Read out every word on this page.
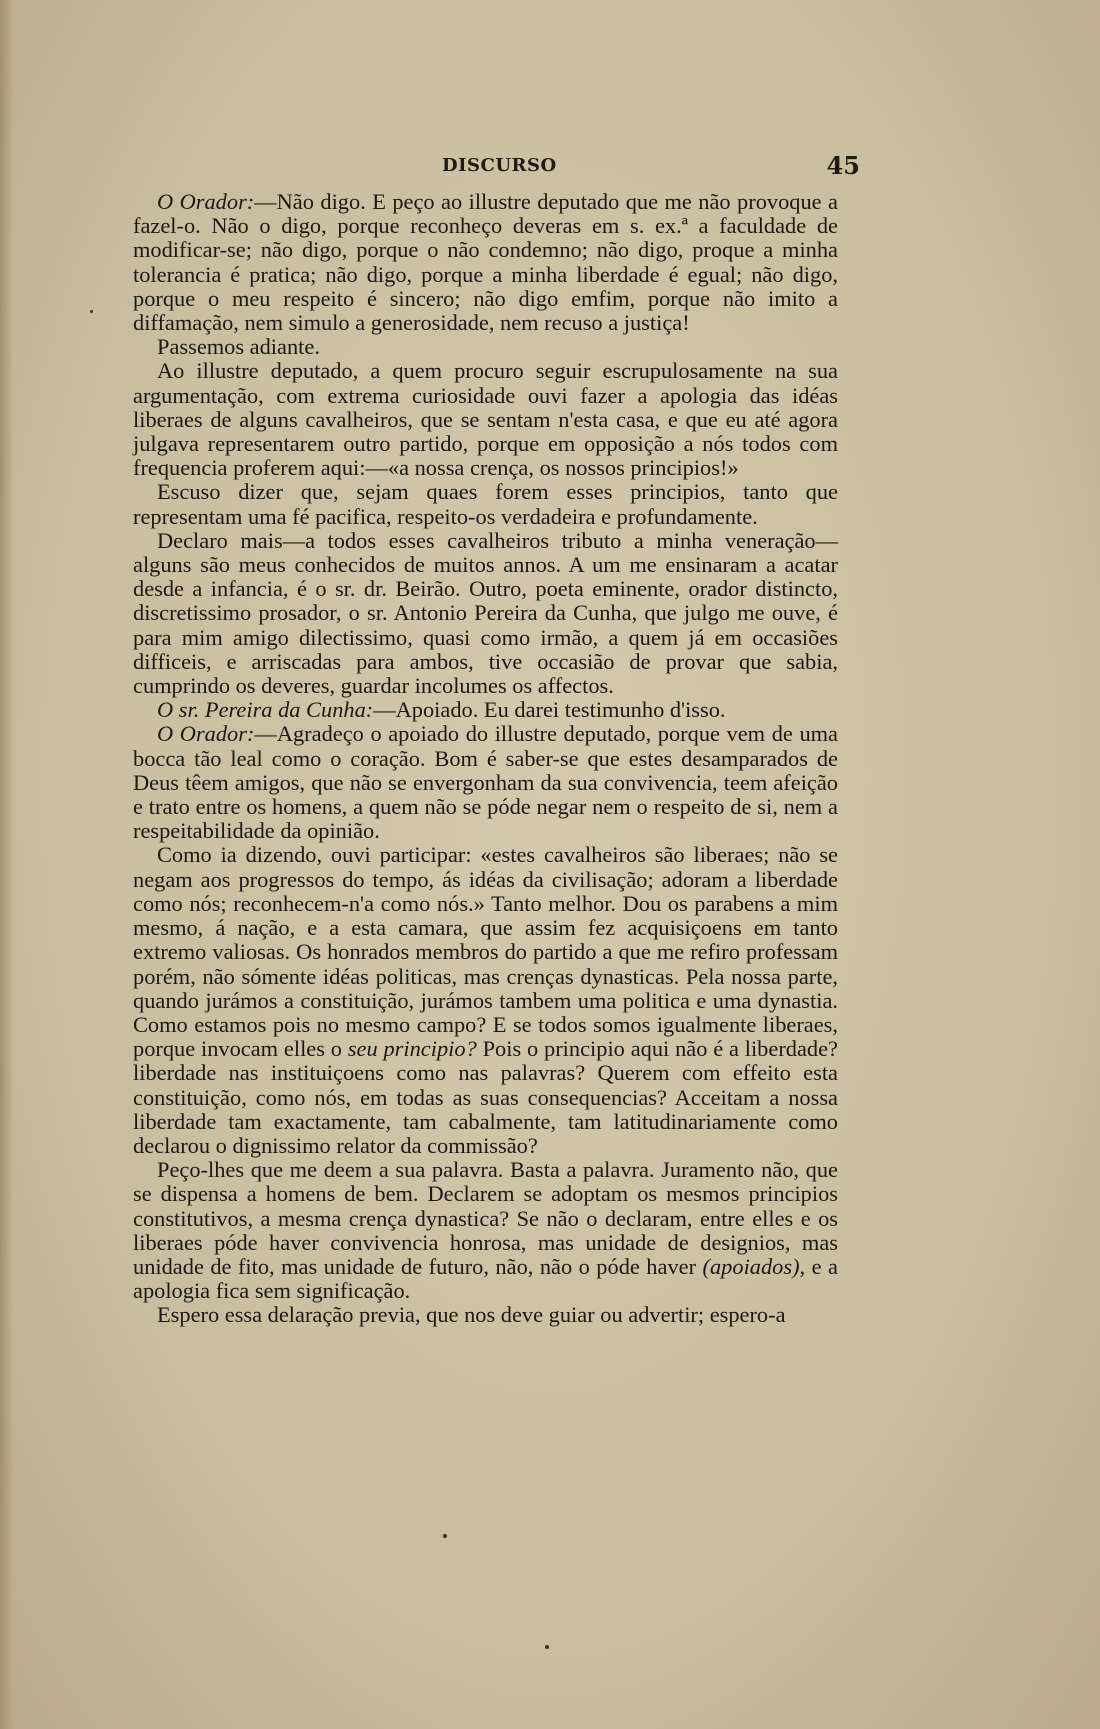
DISCURSO	45

O Orador:—Não digo. E peço ao illustre deputado que me não provoque a fazel-o. Não o digo, porque reconheço deveras em s. ex.ª a faculdade de modificar-se; não digo, porque o não condemno; não digo, proque a minha tolerancia é pratica; não digo, porque a minha liberdade é egual; não digo, porque o meu respeito é sincero; não digo emfim, porque não imito a diffamação, nem simulo a generosidade, nem recuso a justiça!

Passemos adiante.

Ao illustre deputado, a quem procuro seguir escrupulosamente na sua argumentação, com extrema curiosidade ouvi fazer a apologia das idéas liberaes de alguns cavalheiros, que se sentam n'esta casa, e que eu até agora julgava representarem outro partido, porque em opposição a nós todos com frequencia proferem aqui:—«a nossa crença, os nossos principios!»

Escuso dizer que, sejam quaes forem esses principios, tanto que representam uma fé pacifica, respeito-os verdadeira e profundamente.

Declaro mais—a todos esses cavalheiros tributo a minha veneração—alguns são meus conhecidos de muitos annos. A um me ensinaram a acatar desde a infancia, é o sr. dr. Beirão. Outro, poeta eminente, orador distincto, discretissimo prosador, o sr. Antonio Pereira da Cunha, que julgo me ouve, é para mim amigo dilectissimo, quasi como irmão, a quem já em occasiões difficeis, e arriscadas para ambos, tive occasião de provar que sabia, cumprindo os deveres, guardar incolumes os affectos.

O sr. Pereira da Cunha:—Apoiado. Eu darei testimunho d'isso.

O Orador:—Agradeço o apoiado do illustre deputado, porque vem de uma bocca tão leal como o coração. Bom é saber-se que estes desamparados de Deus têem amigos, que não se envergonham da sua convivencia, teem afeição e trato entre os homens, a quem não se póde negar nem o respeito de si, nem a respeitabilidade da opinião.

Como ia dizendo, ouvi participar: «estes cavalheiros são liberaes; não se negam aos progressos do tempo, ás idéas da civilisação; adoram a liberdade como nós; reconhecem-n'a como nós.» Tanto melhor. Dou os parabens a mim mesmo, á nação, e a esta camara, que assim fez acquisiçoens em tanto extremo valiosas. Os honrados membros do partido a que me refiro professam porém, não sómente idéas politicas, mas crenças dynasticas. Pela nossa parte, quando jurámos a constituição, jurámos tambem uma politica e uma dynastia. Como estamos pois no mesmo campo? E se todos somos igualmente liberaes, porque invocam elles o seu principio? Pois o principio aqui não é a liberdade? liberdade nas instituiçoens como nas palavras? Querem com effeito esta constituição, como nós, em todas as suas consequencias? Acceitam a nossa liberdade tam exactamente, tam cabalmente, tam latitudinariamente como declarou o dignissimo relator da commissão?

Peço-lhes que me deem a sua palavra. Basta a palavra. Juramento não, que se dispensa a homens de bem. Declarem se adoptam os mesmos principios constitutivos, a mesma crença dynastica? Se não o declaram, entre elles e os liberaes póde haver convivencia honrosa, mas unidade de designios, mas unidade de fito, mas unidade de futuro, não, não o póde haver (apoiados), e a apologia fica sem significação.

Espero essa delaração previa, que nos deve guiar ou advertir; espero-a
